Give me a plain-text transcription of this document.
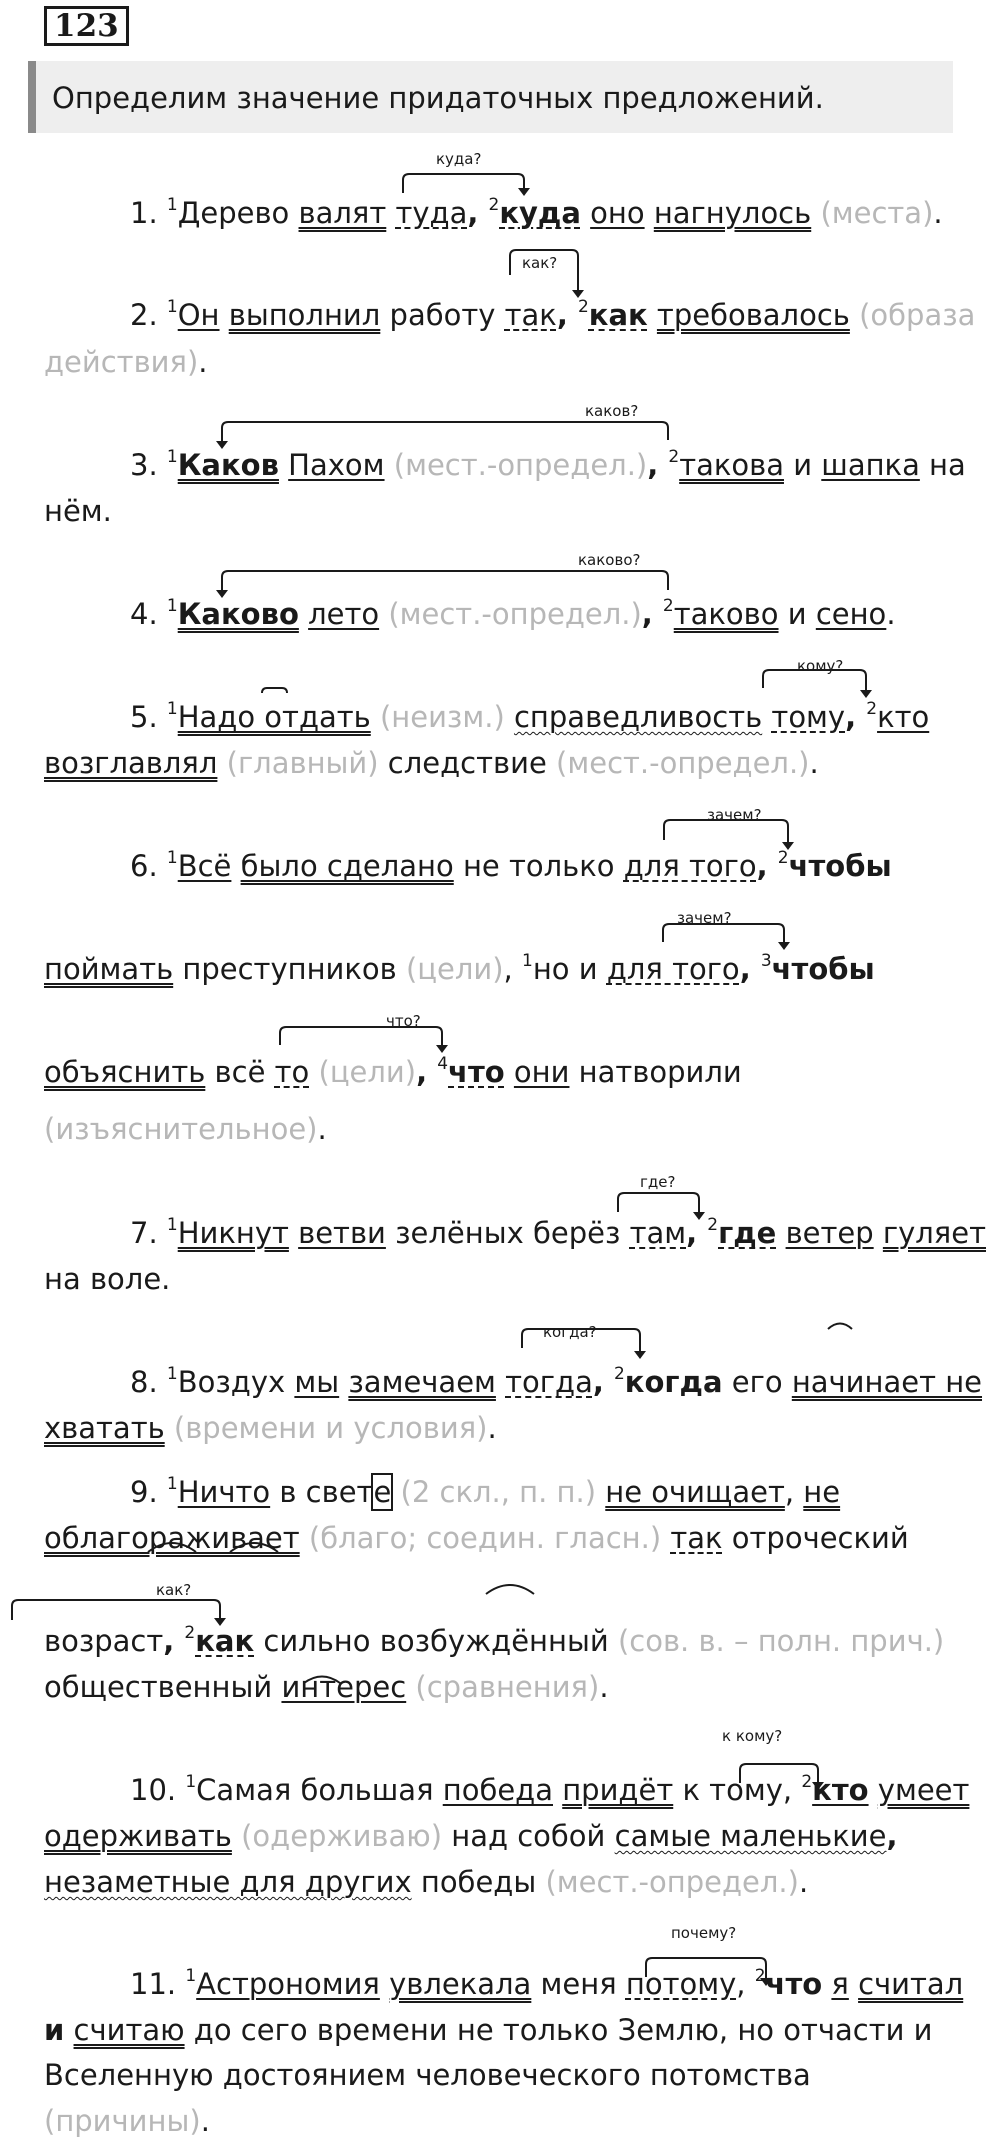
123
Определим значение придаточных предложений.
куда?
как?
каков?
каково?
кому?
зачем?
зачем?
что?
где?
когда?
как?
к кому?
почему?
1. $^1$Дерево валят туда, $^2$куда оно нагнулось (места).
2. $^1$Он выполнил работу так, $^2$как требовалось (образа
действия).
3. $^1$Каков Пахом (мест.-определ.), $^2$такова и шапка на
нём.
4. $^1$Каково лето (мест.-определ.), $^2$таково и сено.
5. $^1$Надо отдать (неизм.) справедливость тому, $^2$кто
возглавлял (главный) следствие (мест.-определ.).
6. $^1$Всё было сделано не только для того, $^2$чтобы
поймать преступников (цели), $^1$но и для того, $^3$чтобы
объяснить всё то (цели), $^4$что они натворили
(изъяснительное).
7. $^1$Никнут ветви зелёных берёз там, $^2$где ветер гуляет
на воле.
8. $^1$Воздух мы замечаем тогда, $^2$когда его начинает не
хватать (времени и условия).
9. $^1$Ничто в свете (2 скл., п. п.) не очищает, не
облагораживает (благо; соедин. гласн.) так отроческий
возраст, $^2$как сильно возбуждённый (сов. в. – полн. прич.)
общественный интерес (сравнения).
10. $^1$Самая большая победа придёт к тому, $^2$кто умеет
одерживать (одерживаю) над собой самые маленькие,
незаметные для других победы (мест.-определ.).
11. $^1$Астрономия увлекала меня потому, $^2$что я считал
и считаю до сего времени не только Землю, но отчасти и
Вселенную достоянием человеческого потомства
(причины).
